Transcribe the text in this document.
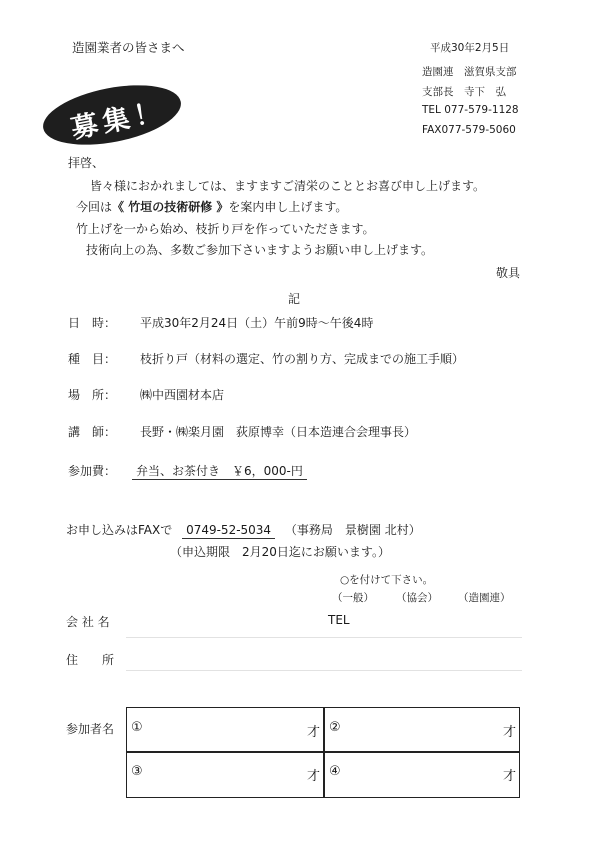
造園業者の皆さまへ	平成30年2月5日
造園連　滋賀県支部
支部長　寺下　弘
TEL 077-579-1128
FAX077-579-5060
募集！
拝啓、
皆々様におかれましては、ますますご清栄のこととお喜び申し上げます。
今回は《 竹垣の技術研修 》を案内申し上げます。
竹上げを一から始め、枝折り戸を作っていただきます。
技術向上の為、多数ご参加下さいますようお願い申し上げます。
敬具
記
日　時： 平成30年2月24日（土）午前9時～午後4時
種　目： 枝折り戸（材料の選定、竹の割り方、完成までの施工手順）
場　所： ㈱中西園材本店
講　師： 長野・㈱楽月園　荻原博幸（日本造連合会理事長）
参加費：	弁当、お茶付き　￥6，000-円
お申し込みはFAXで 0749-52-5034 （事務局　景樹園 北村）
（申込期限　2月20日迄にお願います。）
○を付けて下さい。
（一般） （協会） （造園連）
会 社 名	TEL
住　　所
参加者名 ①	才 ②	才
③	才 ④	才
